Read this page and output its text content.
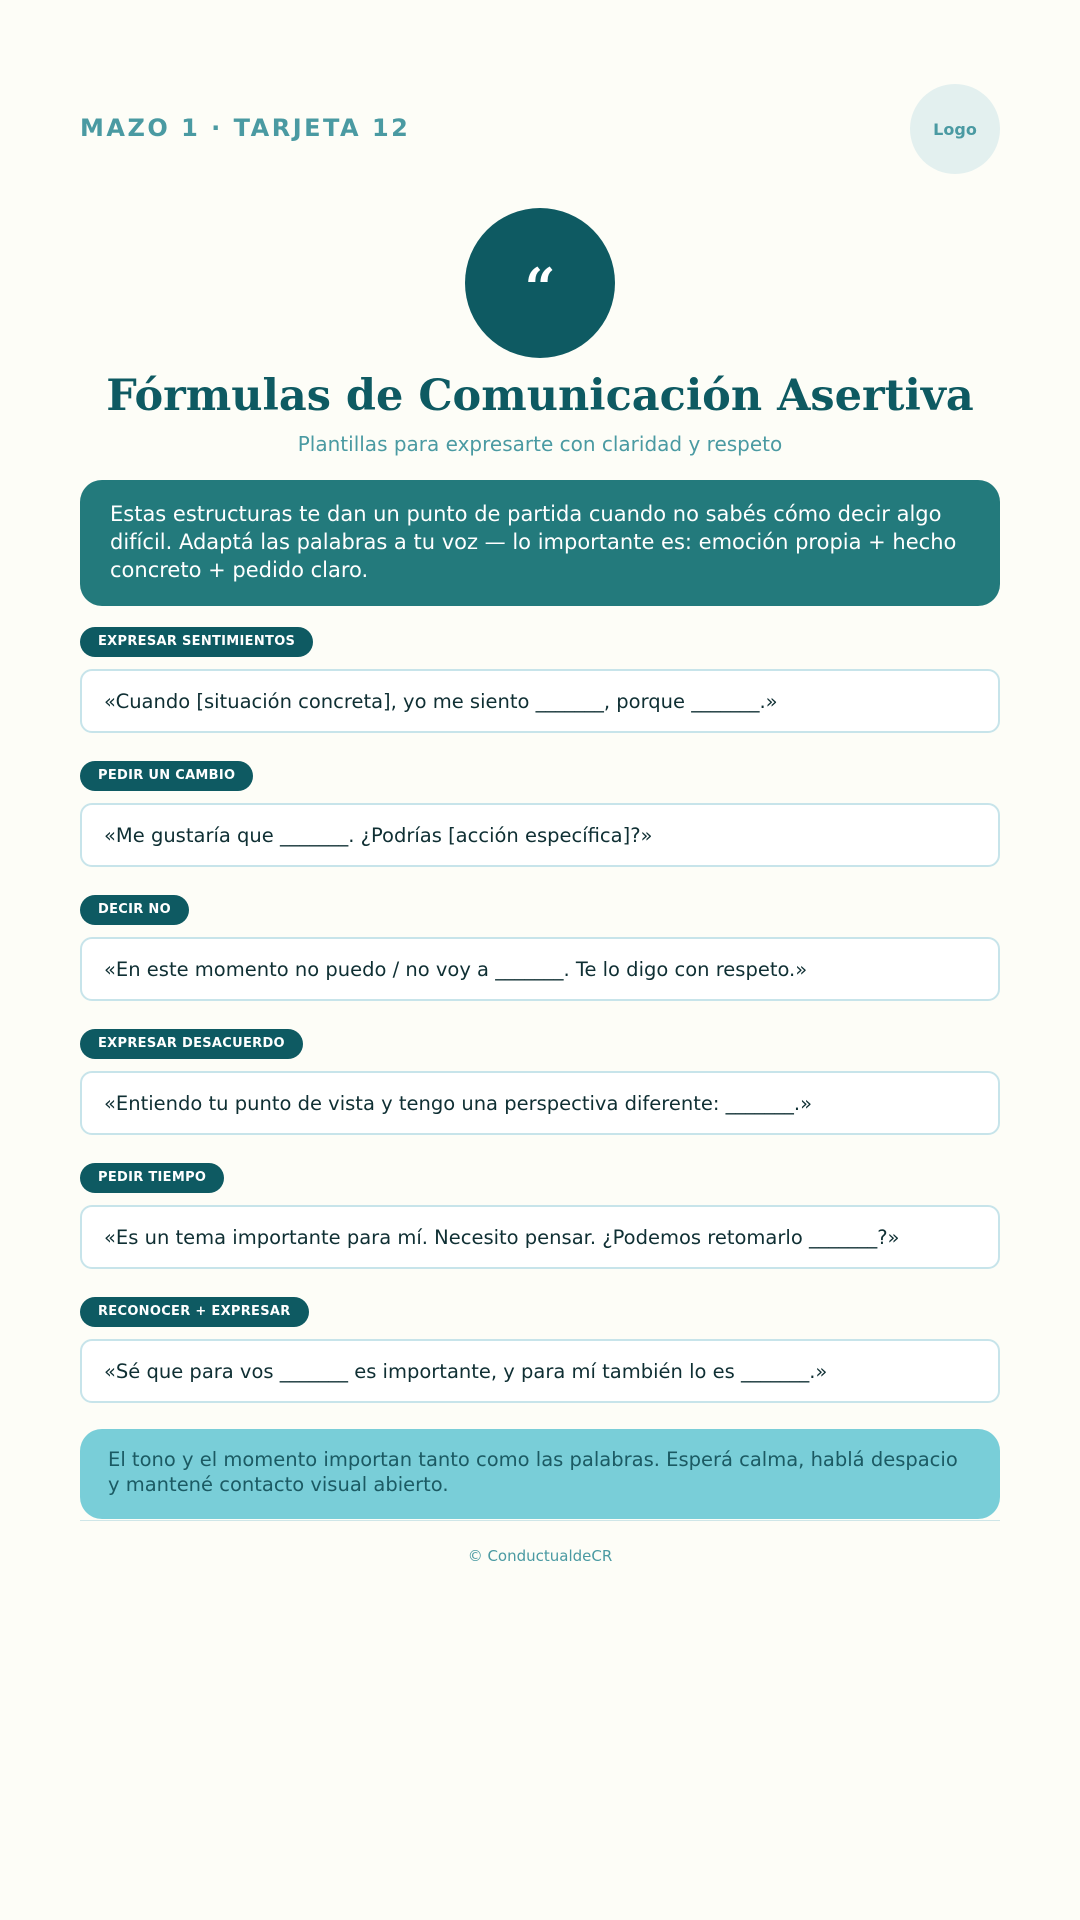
MAZO 1 · TARJETA 12	Logo
“
Fórmulas de Comunicación Asertiva
Plantillas para expresarte con claridad y respeto
Estas estructuras te dan un punto de partida cuando no sabés cómo decir algo difícil. Adaptá las palabras a tu voz — lo importante es: emoción propia + hecho concreto + pedido claro.
EXPRESAR SENTIMIENTOS
«Cuando [situación concreta], yo me siento _______, porque _______.»
PEDIR UN CAMBIO
«Me gustaría que _______. ¿Podrías [acción específica]?»
DECIR NO
«En este momento no puedo / no voy a _______. Te lo digo con respeto.»
EXPRESAR DESACUERDO
«Entiendo tu punto de vista y tengo una perspectiva diferente: _______.»
PEDIR TIEMPO
«Es un tema importante para mí. Necesito pensar. ¿Podemos retomarlo _______?»
RECONOCER + EXPRESAR
«Sé que para vos _______ es importante, y para mí también lo es _______.»
El tono y el momento importan tanto como las palabras. Esperá calma, hablá despacio y mantené contacto visual abierto.
© ConductualdeCR
